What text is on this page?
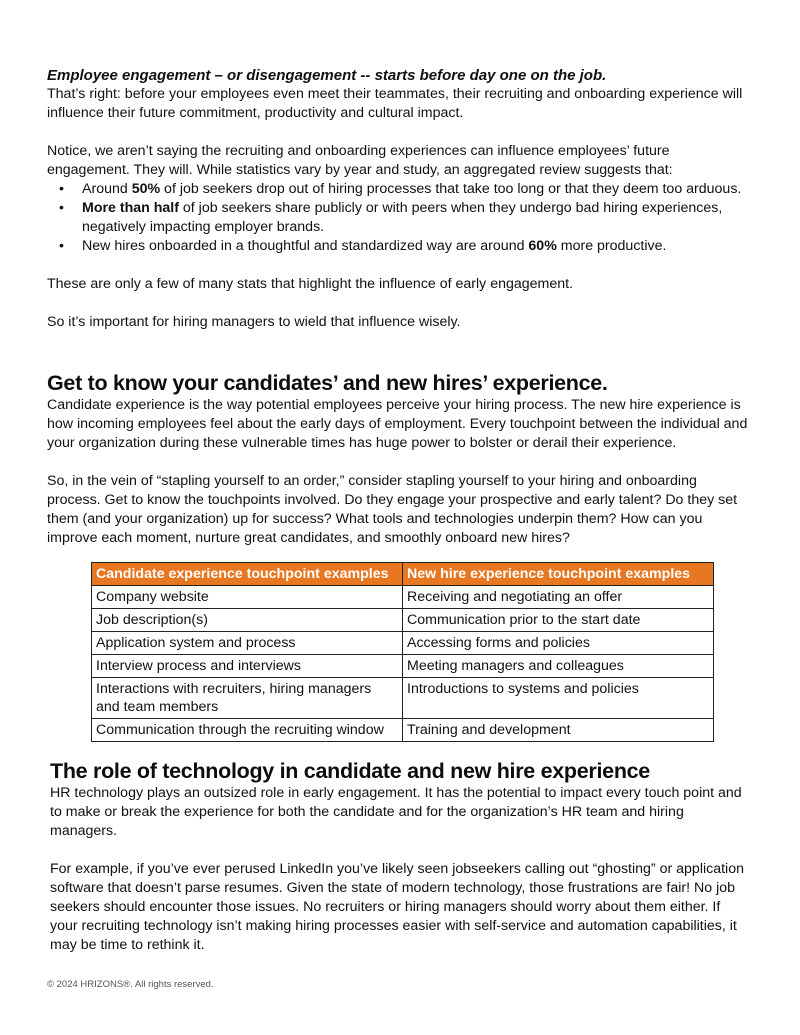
Employee engagement – or disengagement -- starts before day one on the job.

That’s right: before your employees even meet their teammates, their recruiting and onboarding experience will influence their future commitment, productivity and cultural impact.

Notice, we aren’t saying the recruiting and onboarding experiences can influence employees’ future engagement. They will. While statistics vary by year and study, an aggregated review suggests that:

• Around 50% of job seekers drop out of hiring processes that take too long or that they deem too arduous.
• More than half of job seekers share publicly or with peers when they undergo bad hiring experiences, negatively impacting employer brands.
• New hires onboarded in a thoughtful and standardized way are around 60% more productive.

These are only a few of many stats that highlight the influence of early engagement.

So it’s important for hiring managers to wield that influence wisely.

Get to know your candidates’ and new hires’ experience.

Candidate experience is the way potential employees perceive your hiring process. The new hire experience is how incoming employees feel about the early days of employment. Every touchpoint between the individual and your organization during these vulnerable times has huge power to bolster or derail their experience.

So, in the vein of “stapling yourself to an order,” consider stapling yourself to your hiring and onboarding process. Get to know the touchpoints involved. Do they engage your prospective and early talent? Do they set them (and your organization) up for success? What tools and technologies underpin them? How can you improve each moment, nurture great candidates, and smoothly onboard new hires?

Candidate experience touchpoint examples	New hire experience touchpoint examples
Company website	Receiving and negotiating an offer
Job description(s)	Communication prior to the start date
Application system and process	Accessing forms and policies
Interview process and interviews	Meeting managers and colleagues
Interactions with recruiters, hiring managers and team members	Introductions to systems and policies
Communication through the recruiting window	Training and development
The role of technology in candidate and new hire experience

HR technology plays an outsized role in early engagement. It has the potential to impact every touch point and to make or break the experience for both the candidate and for the organization’s HR team and hiring managers.

For example, if you’ve ever perused LinkedIn you’ve likely seen jobseekers calling out “ghosting” or application software that doesn’t parse resumes. Given the state of modern technology, those frustrations are fair! No job seekers should encounter those issues. No recruiters or hiring managers should worry about them either. If your recruiting technology isn’t making hiring processes easier with self-service and automation capabilities, it may be time to rethink it.

© 2024 HRIZONS®. All rights reserved.
